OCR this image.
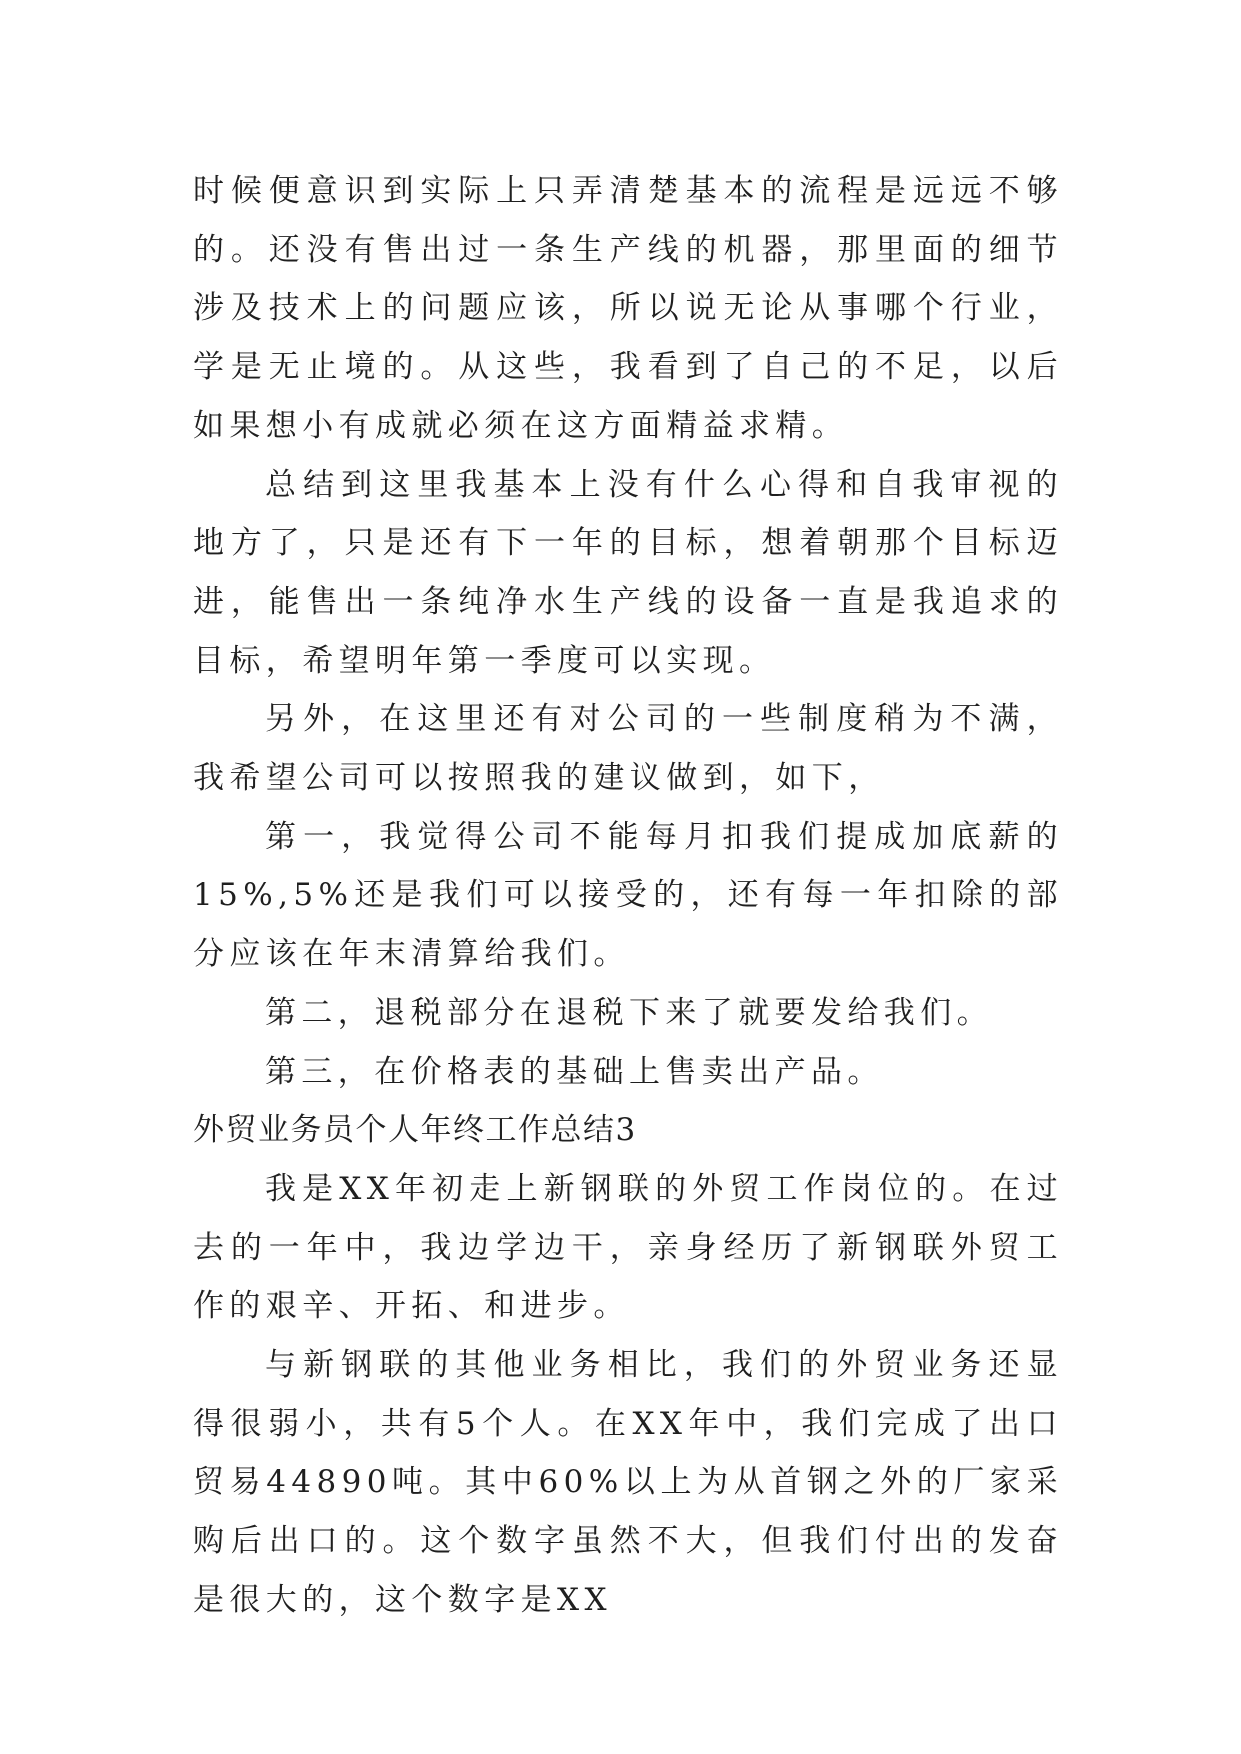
时候便意识到实际上只弄清楚基本的流程是远远不够的。还没有售出过一条生产线的机器，那里面的细节涉及技术上的问题应该，所以说无论从事哪个行业，学是无止境的。从这些，我看到了自己的不足，以后如果想小有成就必须在这方面精益求精。

总结到这里我基本上没有什么心得和自我审视的地方了，只是还有下一年的目标，想着朝那个目标迈进，能售出一条纯净水生产线的设备一直是我追求的目标，希望明年第一季度可以实现。

另外，在这里还有对公司的一些制度稍为不满，我希望公司可以按照我的建议做到，如下，

第一，我觉得公司不能每月扣我们提成加底薪的15%,5%还是我们可以接受的，还有每一年扣除的部分应该在年末清算给我们。

第二，退税部分在退税下来了就要发给我们。

第三，在价格表的基础上售卖出产品。

外贸业务员个人年终工作总结3

我是XX年初走上新钢联的外贸工作岗位的。在过去的一年中，我边学边干，亲身经历了新钢联外贸工作的艰辛、开拓、和进步。

与新钢联的其他业务相比，我们的外贸业务还显得很弱小，共有5个人。在XX年中，我们完成了出口贸易44890吨。其中60%以上为从首钢之外的厂家采购后出口的。这个数字虽然不大，但我们付出的发奋是很大的，这个数字是XX
